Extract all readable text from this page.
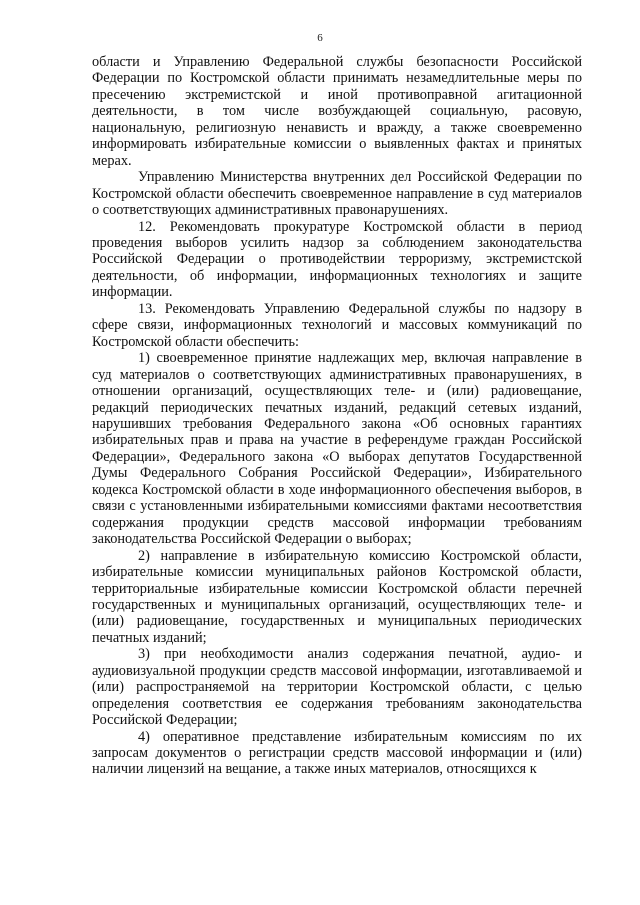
6

области и Управлению Федеральной службы безопасности Российской Федерации по Костромской области принимать незамедлительные меры по пресечению экстремистской и иной противоправной агитационной деятельности, в том числе возбуждающей социальную, расовую, национальную, религиозную ненависть и вражду, а также своевременно информировать избирательные комиссии о выявленных фактах и принятых мерах.

Управлению Министерства внутренних дел Российской Федерации по Костромской области обеспечить своевременное направление в суд материалов о соответствующих административных правонарушениях.

12. Рекомендовать прокуратуре Костромской области в период проведения выборов усилить надзор за соблюдением законодательства Российской Федерации о противодействии терроризму, экстремистской деятельности, об информации, информационных технологиях и защите информации.

13. Рекомендовать Управлению Федеральной службы по надзору в сфере связи, информационных технологий и массовых коммуникаций по Костромской области обеспечить:

1) своевременное принятие надлежащих мер, включая направление в суд материалов о соответствующих административных правонарушениях, в отношении организаций, осуществляющих теле- и (или) радиовещание, редакций периодических печатных изданий, редакций сетевых изданий, нарушивших требования Федерального закона «Об основных гарантиях избирательных прав и права на участие в референдуме граждан Российской Федерации», Федерального закона «О выборах депутатов Государственной Думы Федерального Собрания Российской Федерации», Избирательного кодекса Костромской области в ходе информационного обеспечения выборов, в связи с установленными избирательными комиссиями фактами несоответствия содержания продукции средств массовой информации требованиям законодательства Российской Федерации о выборах;

2) направление в избирательную комиссию Костромской области, избирательные комиссии муниципальных районов Костромской области, территориальные избирательные комиссии Костромской области перечней государственных и муниципальных организаций, осуществляющих теле- и (или) радиовещание, государственных и муниципальных периодических печатных изданий;

3) при необходимости анализ содержания печатной, аудио- и аудиовизуальной продукции средств массовой информации, изготавливаемой и (или) распространяемой на территории Костромской области, с целью определения соответствия ее содержания требованиям законодательства Российской Федерации;

4) оперативное представление избирательным комиссиям по их запросам документов о регистрации средств массовой информации и (или) наличии лицензий на вещание, а также иных материалов, относящихся к
